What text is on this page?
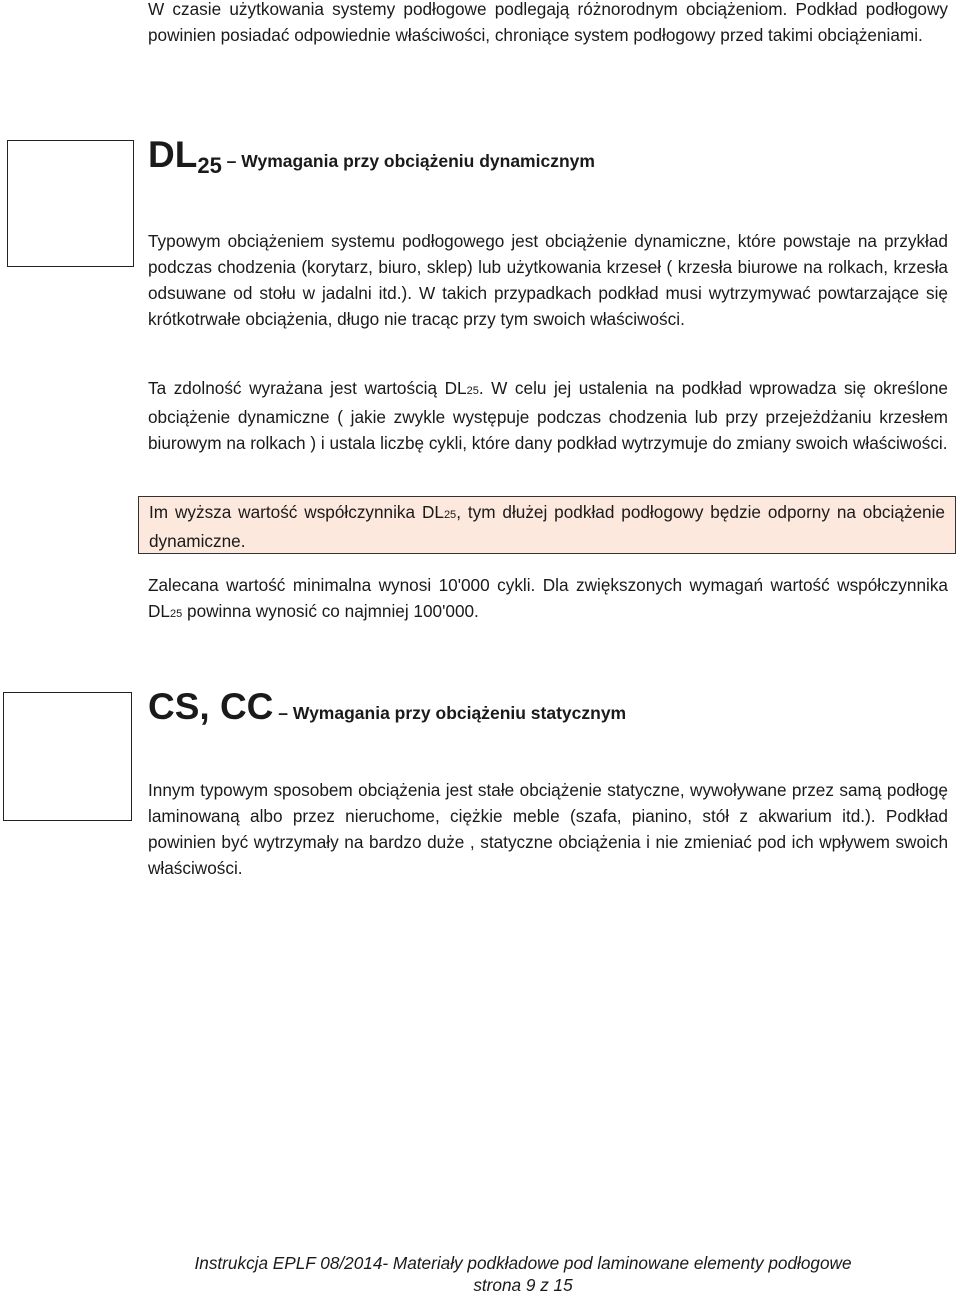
W czasie użytkowania systemy podłogowe podlegają różnorodnym obciążeniom. Podkład podłogowy powinien posiadać odpowiednie właściwości, chroniące system podłogowy przed takimi obciążeniami.

$DL_{25}$ – Wymagania przy obciążeniu dynamicznym

Typowym obciążeniem systemu podłogowego jest obciążenie dynamiczne, które powstaje na przykład podczas chodzenia (korytarz, biuro, sklep) lub użytkowania krzeseł ( krzesła biurowe na rolkach, krzesła odsuwane od stołu w jadalni itd.). W takich przypadkach podkład musi wytrzymywać powtarzające się krótkotrwałe obciążenia, długo nie tracąc przy tym swoich właściwości.

Ta zdolność wyrażana jest wartością DL25. W celu jej ustalenia na podkład wprowadza się określone obciążenie dynamiczne ( jakie zwykle występuje podczas chodzenia lub przy przejeżdżaniu krzesłem biurowym na rolkach ) i ustala liczbę cykli, które dany podkład wytrzymuje do zmiany swoich właściwości.

Im wyższa wartość współczynnika DL25, tym dłużej podkład podłogowy będzie odporny na obciążenie dynamiczne.

Zalecana wartość minimalna wynosi 10'000 cykli. Dla zwiększonych wymagań wartość współczynnika DL25 powinna wynosić co najmniej 100'000.

CS, CC – Wymagania przy obciążeniu statycznym

Innym typowym sposobem obciążenia jest stałe obciążenie statyczne, wywoływane przez samą podłogę laminowaną albo przez nieruchome, ciężkie meble (szafa, pianino, stół z akwarium itd.). Podkład powinien być wytrzymały na bardzo duże , statyczne obciążenia i nie zmieniać pod ich wpływem swoich właściwości.

Instrukcja EPLF 08/2014- Materiały podkładowe pod laminowane elementy podłogowe
strona 9 z 15
